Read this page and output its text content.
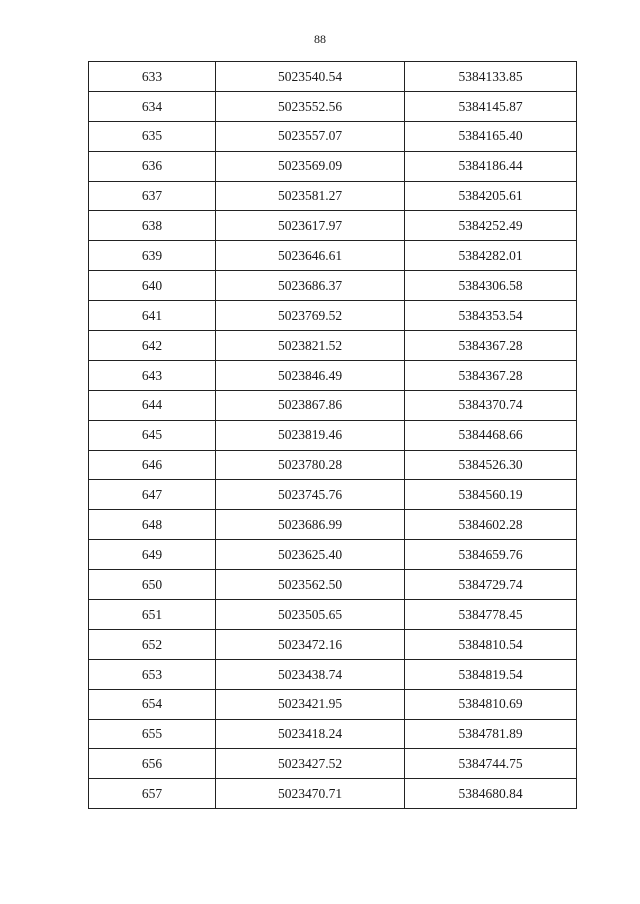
88
633	5023540.54	5384133.85
634	5023552.56	5384145.87
635	5023557.07	5384165.40
636	5023569.09	5384186.44
637	5023581.27	5384205.61
638	5023617.97	5384252.49
639	5023646.61	5384282.01
640	5023686.37	5384306.58
641	5023769.52	5384353.54
642	5023821.52	5384367.28
643	5023846.49	5384367.28
644	5023867.86	5384370.74
645	5023819.46	5384468.66
646	5023780.28	5384526.30
647	5023745.76	5384560.19
648	5023686.99	5384602.28
649	5023625.40	5384659.76
650	5023562.50	5384729.74
651	5023505.65	5384778.45
652	5023472.16	5384810.54
653	5023438.74	5384819.54
654	5023421.95	5384810.69
655	5023418.24	5384781.89
656	5023427.52	5384744.75
657	5023470.71	5384680.84
